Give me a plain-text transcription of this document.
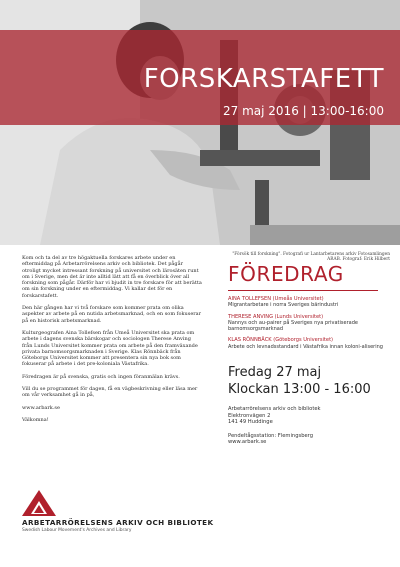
FORSKARSTAFETT
27 maj 2016 | 13:00-16:00
"Försök till forskning". Fotografi ur Lantarbetarens arkiv Fotosamlingen ARAB. Fotograf: Erik Hilbert

Kom och ta del av tre högaktuella forskares arbete under en eftermiddag på Arbetarrörelsens arkiv och bibliotek. Det pågår otroligt mycket intressant forskning på universitet och lärosäten runt om i Sverige, men det är inte alltid lätt att få en överblick över all forskning som pågår. Därför har vi bjudit in tre forskare för att berätta om sin forskning under en eftermiddag. Vi kallar det för en forskarstafett.

Den här gången har vi två forskare som kommer prata om olika aspekter av arbete på en nutida arbetsmarknad, och en som fokuserar på en historisk arbetsmarknad.

Kulturgeografen Aina Tollefsen från Umeå Universitet ska prata om arbete i dagens svenska bärskogar och sociologen Therese Anving från Lunds Universitet kommer prata om arbete på den framväxande privata barnomsorgsmarknaden i Sverige. Klas Rönnbäck från Göteborgs Universitet kommer att presentera sin nya bok som fokuserar på arbete i det pre-koloniala Västafrika.

Föredragen är på svenska, gratis och ingen föranmälan krävs.

Vill du se programmet för dagen, få en vägbeskrivning eller läsa mer om vår verksamhet gå in på,

www.arbark.se

Välkomna!

FÖREDRAG
AINA TOLLEFSEN (Umeås Universitet)
Migrantarbetare i norra Sveriges bärindustri
THERESE ANVING (Lunds Universitet)
Nannys och au-pairer på Sveriges nya privatiserade barnomsorgsmarknad
KLAS RÖNNBÄCK (Göteborgs Universitet)
Arbete och levnadsstandard i Västafrika innan koloni-alisering
Fredag 27 maj
Klockan 13:00 - 16:00
Arbetarrörelsens arkiv och bibliotek
Elektronvägen 2
141 49 Huddinge
Pendeltågsstation: Flemingsberg
www.arbark.se
ARBETARRÖRELSENS ARKIV OCH BIBLIOTEK
Swedish Labour Movement's Archives and Library
